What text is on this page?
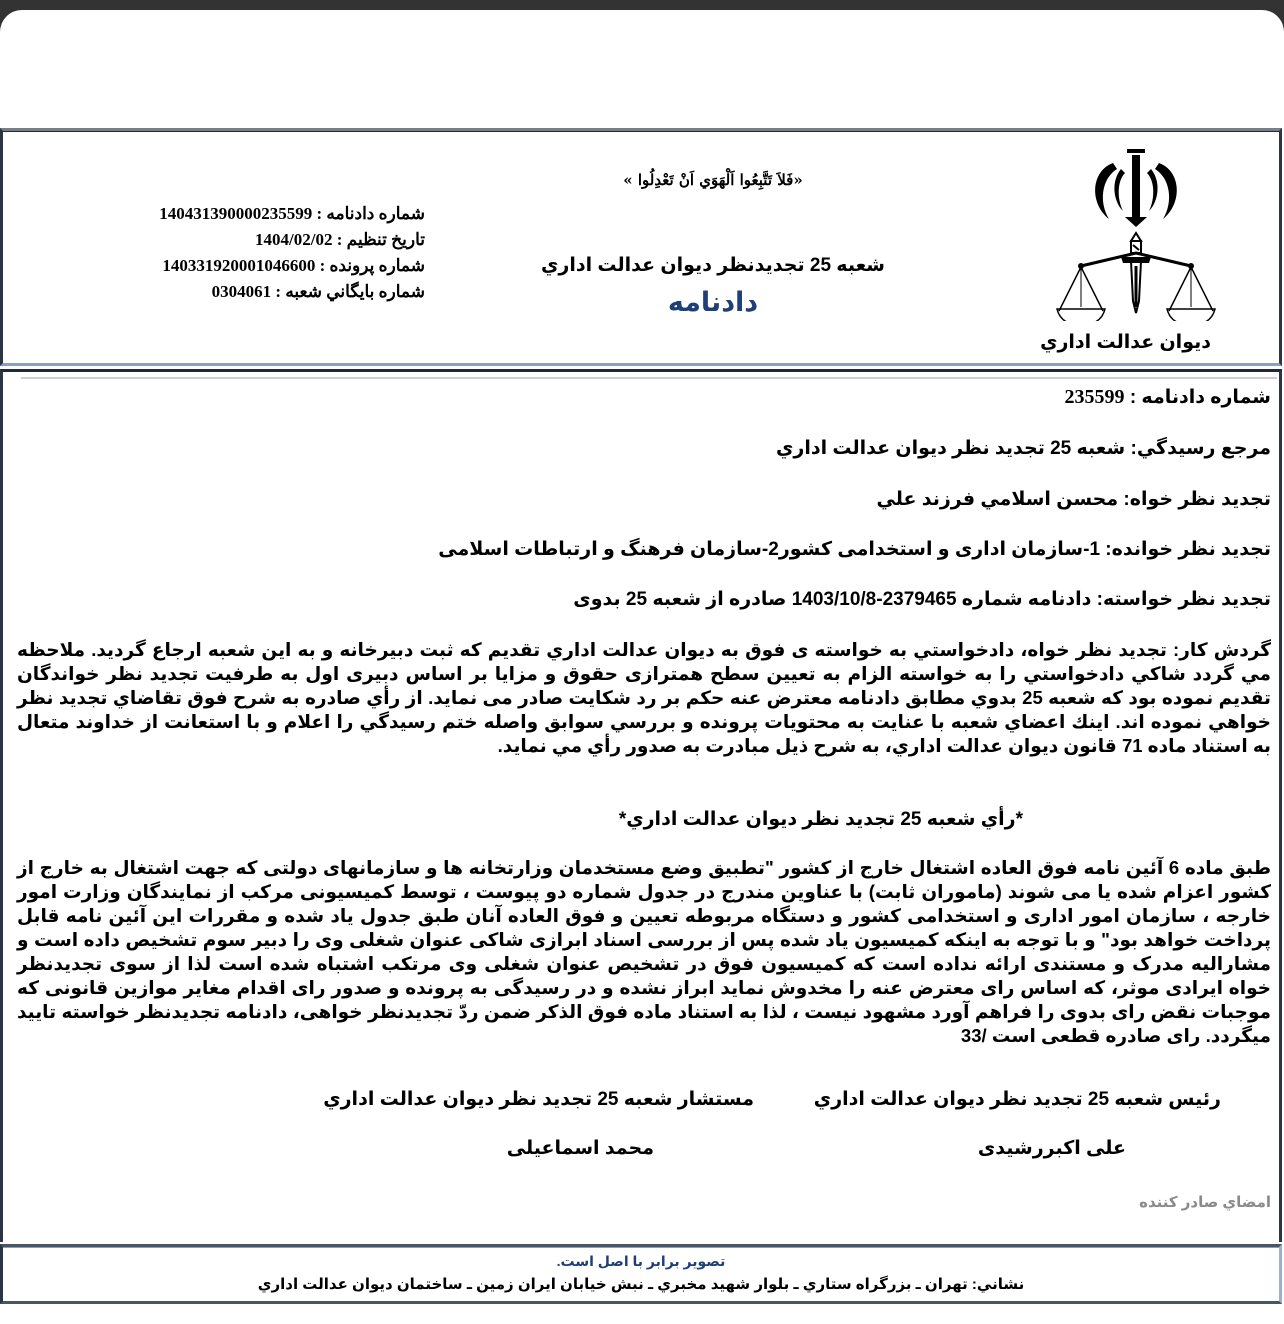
ديوان عدالت اداري
«فَلاَ تَتَّبِعُوا اَلْهَوَي اَنْ تَعْدِلُوا »
شعبه 25 تجديدنظر ديوان عدالت اداري
دادنامه
شماره دادنامه : 140431390000235599
تاريخ تنظيم : 1404/02/02
شماره پرونده : 140331920001046600
شماره بايگاني شعبه : 0304061

شماره دادنامه : 235599

مرجع رسيدگي: شعبه 25 تجديد نظر ديوان عدالت اداري

تجديد نظر خواه: محسن اسلامي فرزند علي

تجديد نظر خوانده: 1-سازمان اداری و استخدامی کشور2-سازمان فرهنگ و ارتباطات اسلامی

تجديد نظر خواسته: دادنامه شماره 2379465-1403/10/8 صادره از شعبه 25 بدوی

گردش كار: تجديد نظر خواه، دادخواستي به خواسته ی فوق به ديوان عدالت اداري تقديم كه ثبت دبيرخانه و به اين شعبه ارجاع گرديد. ملاحظه مي گردد شاكي دادخواستي را به خواسته الزام به تعیین سطح همترازی حقوق و مزایا بر اساس دبیری اول به طرفيت تجديد نظر خواندگان تقديم نموده بود كه شعبه 25 بدوي مطابق دادنامه معترض عنه حکم بر رد شکایت صادر می نماید. از رأي صادره به شرح فوق تقاضاي تجديد نظر خواهي نموده اند. اينك اعضاي شعبه با عنايت به محتويات پرونده و بررسي سوابق واصله ختم رسيدگي را اعلام و با استعانت از خداوند متعال به استناد ماده 71 قانون ديوان عدالت اداري، به شرح ذيل مبادرت به صدور رأي مي نمايد.

*رأي شعبه 25 تجديد نظر ديوان عدالت اداري*

طبق ماده 6 آئین نامه فوق العاده اشتغال خارج از کشور "تطبیق وضع مستخدمان وزارتخانه ها و سازمانهای دولتی که جهت اشتغال به خارج از کشور اعزام شده یا می شوند (ماموران ثابت) با عناوین مندرج در جدول شماره دو پیوست ، توسط کمیسیونی مرکب از نمایندگان وزارت امور خارجه ، سازمان امور اداری و استخدامی کشور و دستگاه مربوطه تعیین و فوق العاده آنان طبق جدول یاد شده و مقررات این آئین نامه قابل پرداخت خواهد بود" و با توجه به اینکه کمیسیون یاد شده پس از بررسی اسناد ابرازی شاکی عنوان شغلی وی را دبیر سوم تشخیص داده است و مشارالیه مدرک و مستندی ارائه نداده است که کمیسیون فوق در تشخیص عنوان شغلی وی مرتکب اشتباه شده است لذا از سوی تجدیدنظر خواه ایرادی موثر، که اساس رای معترض عنه را مخدوش نماید ابراز نشده و در رسیدگی به پرونده و صدور رای اقدام مغایر موازین قانونی که موجبات نقض رای بدوی را فراهم آورد مشهود نیست ، لذا به استناد ماده فوق الذکر ضمن ردّ تجدیدنظر خواهی، دادنامه تجدیدنظر خواسته تایید میگردد. رای صادره قطعی است /33

رئيس شعبه 25 تجديد نظر ديوان عدالت اداري
مستشار شعبه 25 تجديد نظر ديوان عدالت اداري
علی اکبررشیدی
محمد اسماعیلی
امضاي صادر كننده
تصوير برابر با اصل است.
نشاني: تهران ـ بزرگراه ستاري ـ بلوار شهيد مخبري ـ نبش خيابان ايران زمين ـ ساختمان ديوان عدالت اداري
